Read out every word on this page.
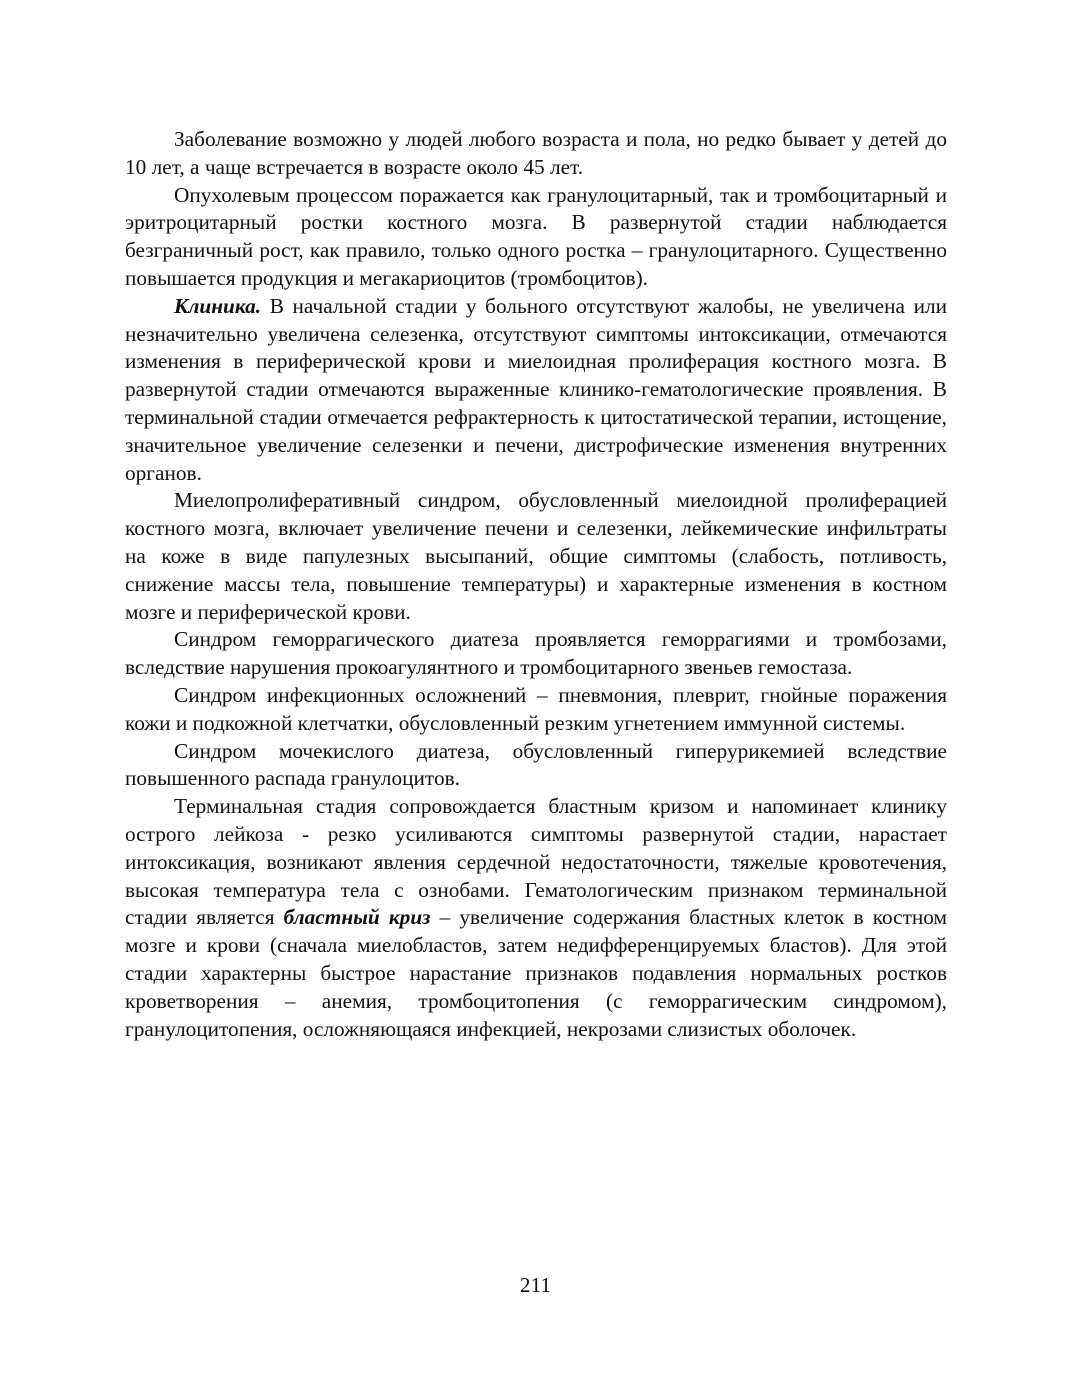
Заболевание возможно у людей любого возраста и пола, но редко бывает у детей до 10 лет, а чаще встречается в возрасте около 45 лет.

Опухолевым процессом поражается как гранулоцитарный, так и тромбоцитарный и эритроцитарный ростки костного мозга. В развернутой стадии наблюдается безграничный рост, как правило, только одного ростка – гранулоцитарного. Существенно повышается продукция и мегакариоцитов (тромбоцитов).

Клиника. В начальной стадии у больного отсутствуют жалобы, не увеличена или незначительно увеличена селезенка, отсутствуют симптомы интоксикации, отмечаются изменения в периферической крови и миелоидная пролиферация костного мозга. В развернутой стадии отмечаются выраженные клинико-гематологические проявления. В терминальной стадии отмечается рефрактерность к цитостатической терапии, истощение, значительное увеличение селезенки и печени, дистрофические изменения внутренних органов.

Миелопролиферативный синдром, обусловленный миелоидной пролиферацией костного мозга, включает увеличение печени и селезенки, лейкемические инфильтраты на коже в виде папулезных высыпаний, общие симптомы (слабость, потливость, снижение массы тела, повышение температуры) и характерные изменения в костном мозге и периферической крови.

Синдром геморрагического диатеза проявляется геморрагиями и тромбозами, вследствие нарушения прокоагулянтного и тромбоцитарного звеньев гемостаза.

Синдром инфекционных осложнений – пневмония, плеврит, гнойные поражения кожи и подкожной клетчатки, обусловленный резким угнетением иммунной системы.

Синдром мочекислого диатеза, обусловленный гиперурикемией вследствие повышенного распада гранулоцитов.

Терминальная стадия сопровождается бластным кризом и напоминает клинику острого лейкоза - резко усиливаются симптомы развернутой стадии, нарастает интоксикация, возникают явления сердечной недостаточности, тяжелые кровотечения, высокая температура тела с ознобами. Гематологическим признаком терминальной стадии является бластный криз – увеличение содержания бластных клеток в костном мозге и крови (сначала миелобластов, затем недифференцируемых бластов). Для этой стадии характерны быстрое нарастание признаков подавления нормальных ростков кроветворения – анемия, тромбоцитопения (с геморрагическим синдромом), гранулоцитопения, осложняющаяся инфекцией, некрозами слизистых оболочек.

211
